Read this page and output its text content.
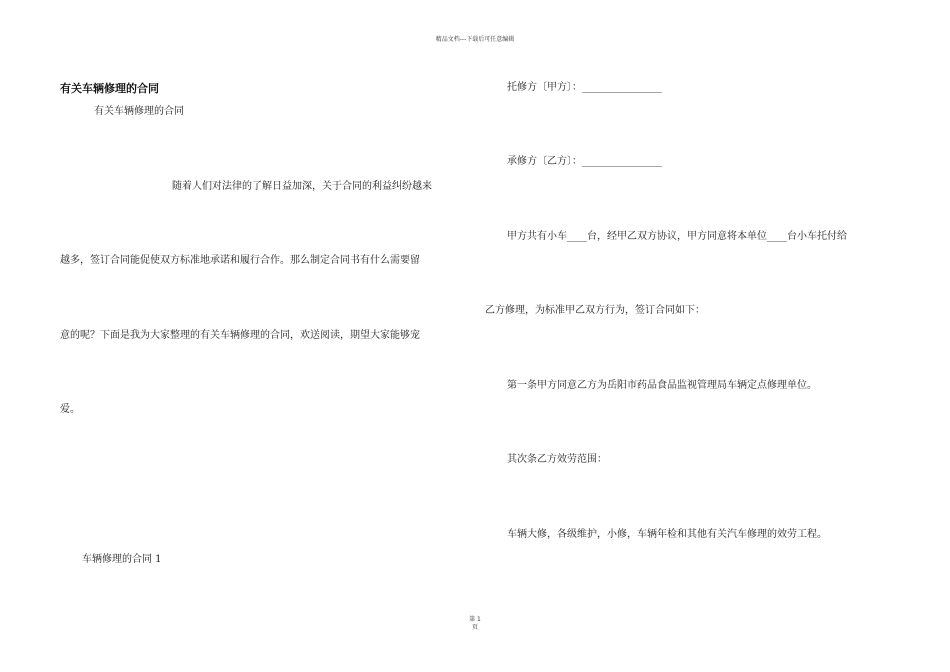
精品文档---下载后可任意编辑
有关车辆修理的合同
有关车辆修理的合同
随着人们对法律的了解日益加深，关于合同的利益纠纷越来
越多，签订合同能促使双方标准地承诺和履行合作。那么制定合同书有什么需要留
意的呢？下面是我为大家整理的有关车辆修理的合同，欢送阅读，期望大家能够宠
爱。
车辆修理的合同 1
托修方〔甲方〕：________________
承修方〔乙方〕：________________
甲方共有小车____台，经甲乙双方协议，甲方同意将本单位____台小车托付给
乙方修理，为标准甲乙双方行为，签订合同如下：
第一条甲方同意乙方为岳阳市药品食品监视管理局车辆定点修理单位。
其次条乙方效劳范围：
车辆大修，各级维护，小修，车辆年检和其他有关汽车修理的效劳工程。
第 1
页
